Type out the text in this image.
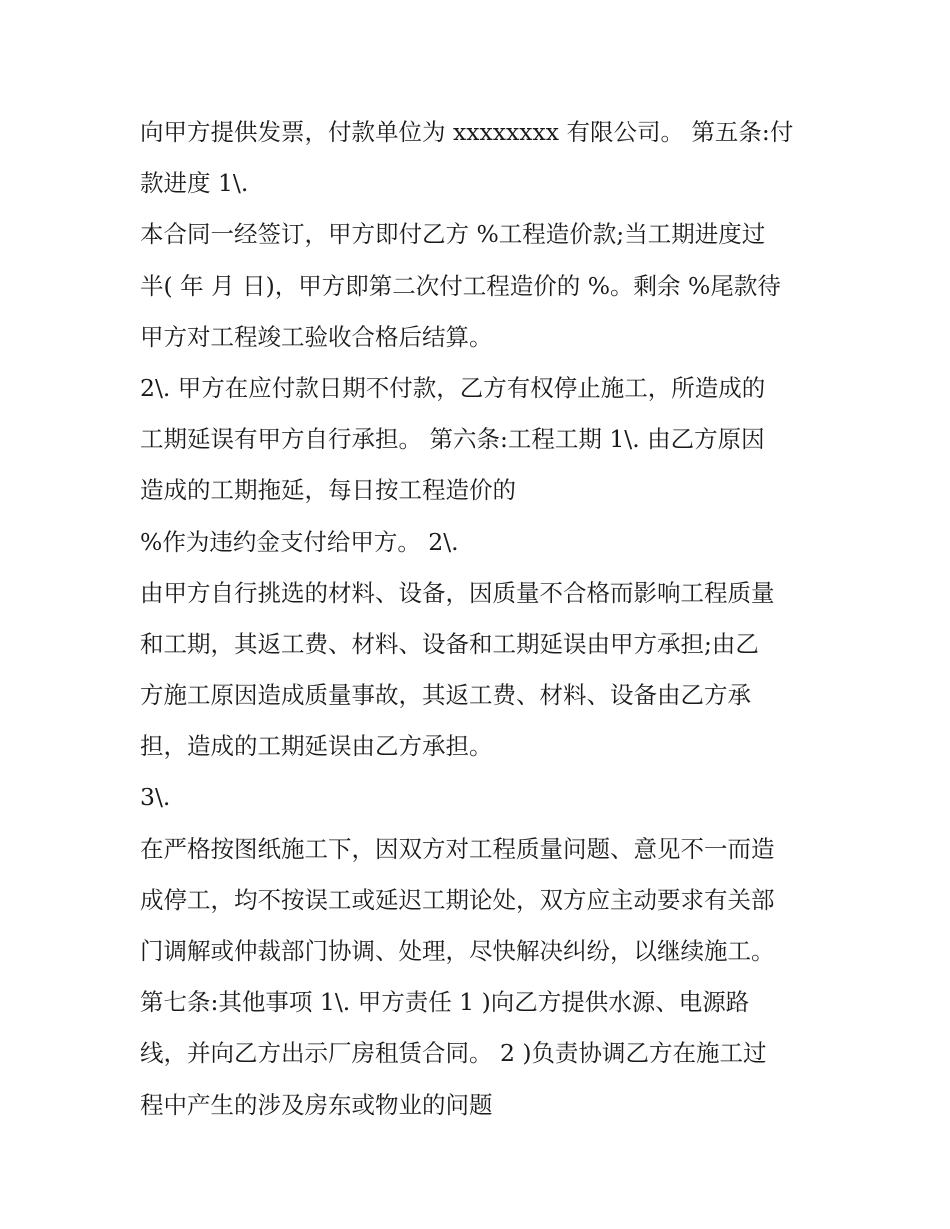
向甲方提供发票，付款单位为 xxxxxxxx 有限公司。 第五条:付
款进度 1\.
本合同一经签订，甲方即付乙方 %工程造价款;当工期进度过
半( 年 月 日)，甲方即第二次付工程造价的 %。剩余 %尾款待
甲方对工程竣工验收合格后结算。
2\. 甲方在应付款日期不付款，乙方有权停止施工，所造成的
工期延误有甲方自行承担。 第六条:工程工期 1\. 由乙方原因
造成的工期拖延，每日按工程造价的
%作为违约金支付给甲方。 2\.
由甲方自行挑选的材料、设备，因质量不合格而影响工程质量
和工期，其返工费、材料、设备和工期延误由甲方承担;由乙
方施工原因造成质量事故，其返工费、材料、设备由乙方承
担，造成的工期延误由乙方承担。
3\.
在严格按图纸施工下，因双方对工程质量问题、意见不一而造
成停工，均不按误工或延迟工期论处，双方应主动要求有关部
门调解或仲裁部门协调、处理，尽快解决纠纷，以继续施工。
第七条:其他事项 1\. 甲方责任 1 )向乙方提供水源、电源路
线，并向乙方出示厂房租赁合同。 2 )负责协调乙方在施工过
程中产生的涉及房东或物业的问题
